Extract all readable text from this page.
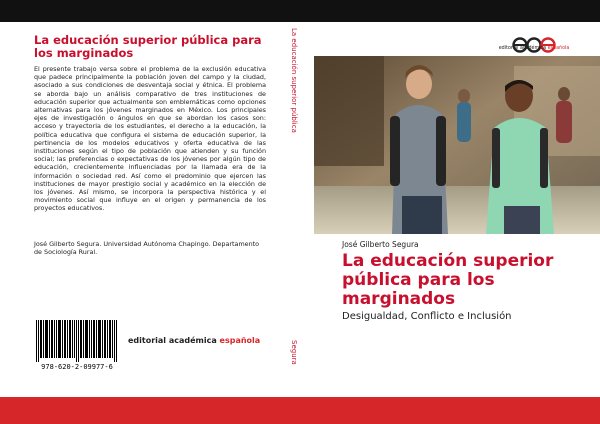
La educación superior pública para los marginados

El presente trabajo versa sobre el problema de la exclusión educativa que padece principalmente la población joven del campo y la ciudad, asociado a sus condiciones de desventaja social y étnica. El problema se aborda bajo un análisis comparativo de tres instituciones de educación superior que actualmente son emblemáticas como opciones alternativas para los jóvenes marginados en México. Los principales ejes de investigación o ángulos en que se abordan los casos son: acceso y trayectoria de los estudiantes, el derecho a la educación, la política educativa que configura el sistema de educación superior, la pertinencia de los modelos educativos y oferta educativa de las instituciones según el tipo de población que atienden y su función social; las preferencias o expectativas de los jóvenes por algún tipo de educación, crecientemente influenciadas por la llamada era de la información o sociedad red. Así como el predominio que ejercen las instituciones de mayor prestigio social y académico en la elección de los jóvenes. Así mismo, se incorpora la perspectiva histórica y el movimiento social que influye en el origen y permanencia de los proyectos educativos.

José Gilberto Segura. Universidad Autónoma Chapingo. Departamento de Sociología Rural.

978-620-2-09977-6
editorial académica española
La educación superior pública
Segura
editorial académica española
José Gilberto Segura
La educación superior pública para los marginados

Desigualdad, Conflicto e Inclusión
